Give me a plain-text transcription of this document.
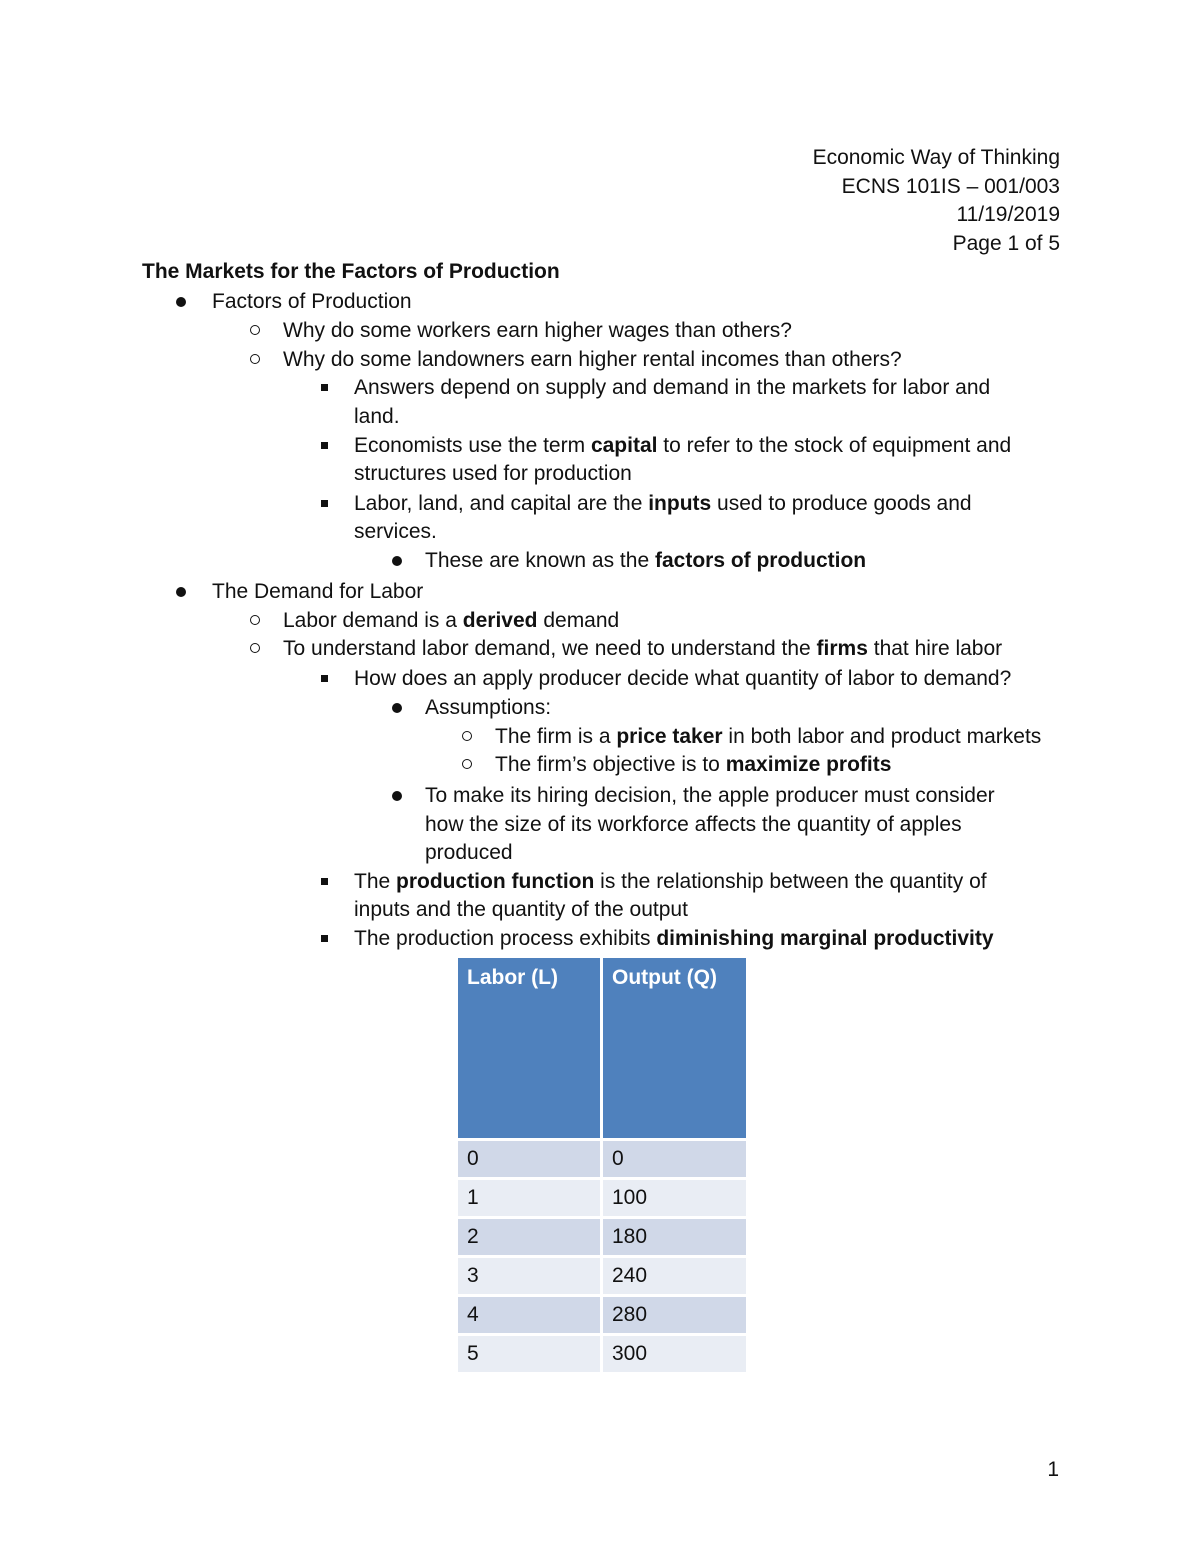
Economic Way of Thinking
ECNS 101IS – 001/003
11/19/2019
Page 1 of 5
The Markets for the Factors of Production
Factors of Production
Why do some workers earn higher wages than others?
Why do some landowners earn higher rental incomes than others?
Answers depend on supply and demand in the markets for labor and
land.
Economists use the term capital to refer to the stock of equipment and
structures used for production
Labor, land, and capital are the inputs used to produce goods and
services.
These are known as the factors of production
The Demand for Labor
Labor demand is a derived demand
To understand labor demand, we need to understand the firms that hire labor
How does an apply producer decide what quantity of labor to demand?
Assumptions:
The firm is a price taker in both labor and product markets
The firm’s objective is to maximize profits
To make its hiring decision, the apple producer must consider
how the size of its workforce affects the quantity of apples
produced
The production function is the relationship between the quantity of
inputs and the quantity of the output
The production process exhibits diminishing marginal productivity
Labor (L)	Output (Q)
0	0
1	100
2	180
3	240
4	280
5	300
1
